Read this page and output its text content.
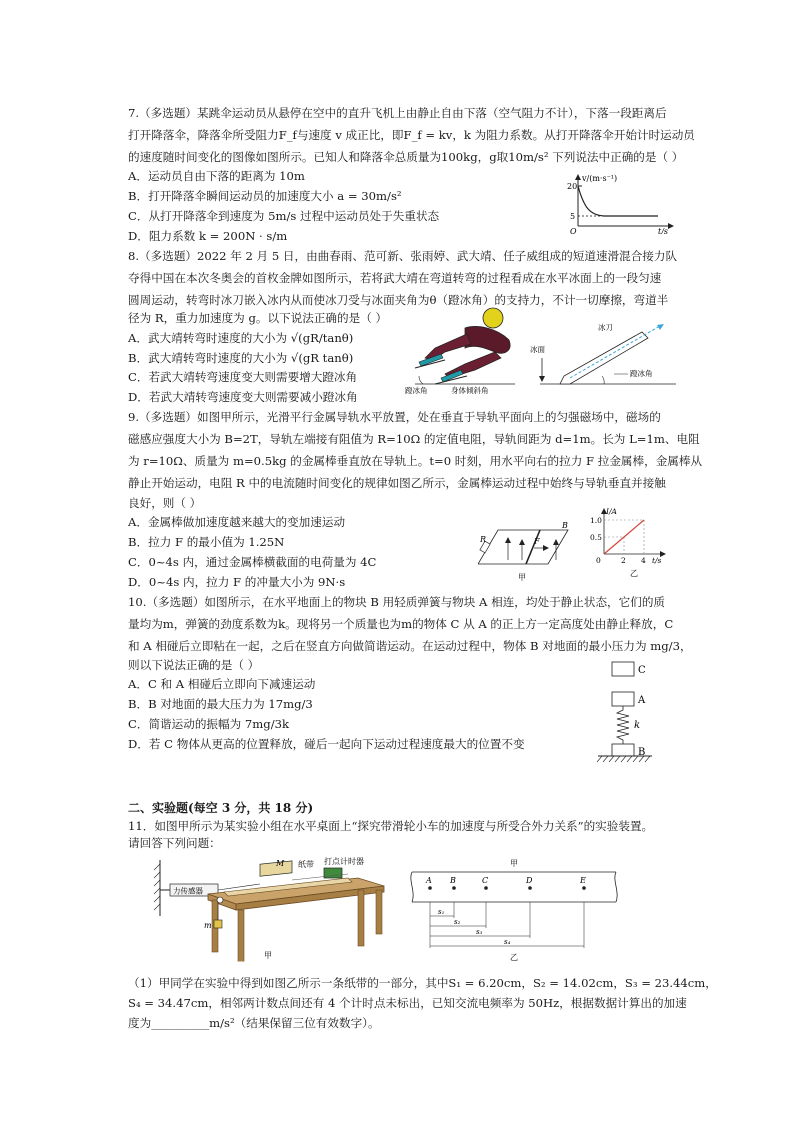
7.（多选题）某跳伞运动员从悬停在空中的直升飞机上由静止自由下落（空气阻力不计），下落一段距离后
打开降落伞，降落伞所受阻力F_f与速度 v 成正比，即F_f = kv，k 为阻力系数。从打开降落伞开始计时运动员
的速度随时间变化的图像如图所示。已知人和降落伞总质量为100kg，g取10m/s² 下列说法中正确的是（ ）
A．运动员自由下落的距离为 10m
B．打开降落伞瞬间运动员的加速度大小 a = 30m/s²
C．从打开降落伞到速度为 5m/s 过程中运动员处于失重状态
D．阻力系数 k = 200N · s/m
v/(m·s⁻¹)
20
5
O	t/s
8.（多选题）2022 年 2 月 5 日，由曲春雨、范可新、张雨婷、武大靖、任子威组成的短道速滑混合接力队
夺得中国在本次冬奥会的首枚金牌如图所示，若将武大靖在弯道转弯的过程看成在水平冰面上的一段匀速
圆周运动，转弯时冰刀嵌入冰内从而使冰刀受与冰面夹角为θ（蹬冰角）的支持力，不计一切摩擦，弯道半
径为 R，重力加速度为 g。以下说法正确的是（ ）
A．武大靖转弯时速度的大小为 √(gR/tanθ)
B．武大靖转弯时速度的大小为 √(gR tanθ)
C．若武大靖转弯速度变大则需要增大蹬冰角
D．若武大靖转弯速度变大则需要减小蹬冰角	蹬冰角	身体倾斜角
冰面
冰刀
蹬冰角
9.（多选题）如图甲所示，光滑平行金属导轨水平放置，处在垂直于导轨平面向上的匀强磁场中，磁场的
磁感应强度大小为 B=2T，导轨左端接有阻值为 R=10Ω 的定值电阻，导轨间距为 d=1m。长为 L=1m、电阻
为 r=10Ω、质量为 m=0.5kg 的金属棒垂直放在导轨上。t=0 时刻，用水平向右的拉力 F 拉金属棒，金属棒从
静止开始运动，电阻 R 中的电流随时间变化的规律如图乙所示，金属棒运动过程中始终与导轨垂直并接触
良好，则（ ）
A．金属棒做加速度越来越大的变加速运动
B．拉力 F 的最小值为 1.25N
C．0~4s 内，通过金属棒横截面的电荷量为 4C
D．0~4s 内，拉力 F 的冲量大小为 9N·s
R	F
B
甲
I/A
1.0
0.5
0	2 4 t/s
乙
10.（多选题）如图所示，在水平地面上的物块 B 用轻质弹簧与物块 A 相连，均处于静止状态，它们的质
量均为m，弹簧的劲度系数为k。现将另一个质量也为m的物体 C 从 A 的正上方一定高度处由静止释放，C
和 A 相碰后立即粘在一起，之后在竖直方向做简谐运动。在运动过程中，物体 B 对地面的最小压力为 mg/3，
则以下说法正确的是（ ）
A．C 和 A 相碰后立即向下减速运动
B．B 对地面的最大压力为 17mg/3
C．简谐运动的振幅为 7mg/3k
D．若 C 物体从更高的位置释放，碰后一起向下运动过程速度最大的位置不变
C
A
k
B
二、实验题(每空 3 分，共 18 分)
11．如图甲所示为某实验小组在水平桌面上“探究带滑轮小车的加速度与所受合外力关系”的实验装置。
请回答下列问题：
力传感器
M 纸带 打点计时器
m
甲
甲
A B	C	D	E
s₁
s₂
s₃
s₄
乙
（1）甲同学在实验中得到如图乙所示一条纸带的一部分，其中S₁ = 6.20cm，S₂ = 14.02cm，S₃ = 23.44cm，
S₄ = 34.47cm，相邻两计数点间还有 4 个计时点未标出，已知交流电频率为 50Hz，根据数据计算出的加速
度为__________m/s²（结果保留三位有效数字）。
